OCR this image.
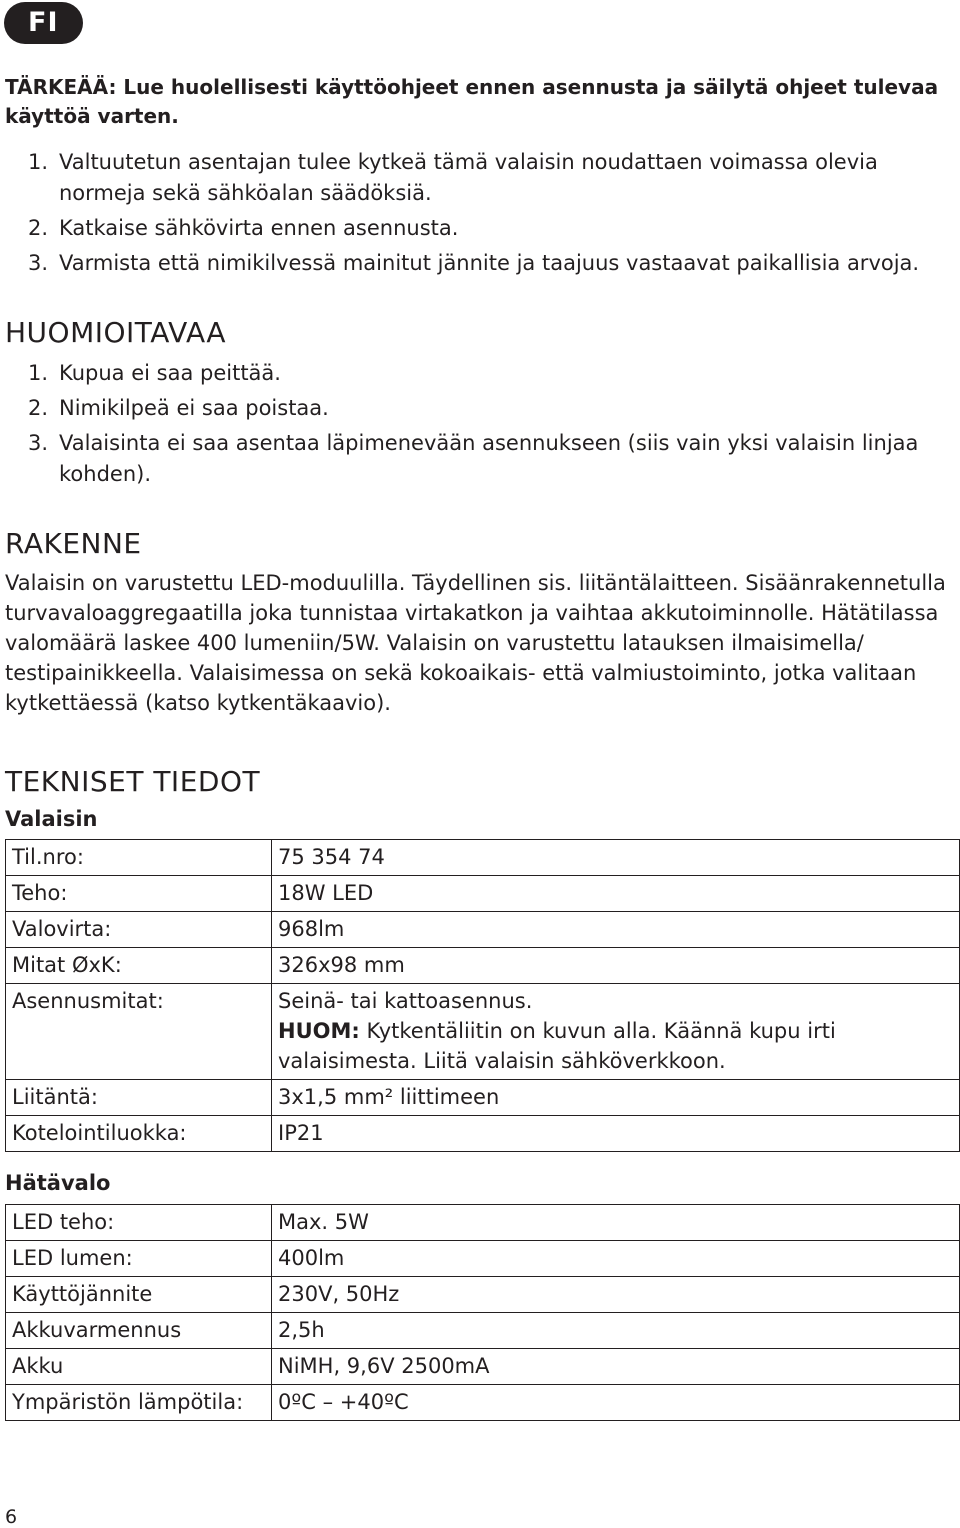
FI

TÄRKEÄÄ: Lue huolellisesti käyttöohjeet ennen asennusta ja säilytä ohjeet tulevaa käyttöä varten.

1. Valtuutetun asentajan tulee kytkeä tämä valaisin noudattaen voimassa olevia normeja sekä sähköalan säädöksiä.
2. Katkaise sähkövirta ennen asennusta.
3. Varmista että nimikilvessä mainitut jännite ja taajuus vastaavat paikallisia arvoja.
HUOMIOITAVAA
1. Kupua ei saa peittää.
2. Nimikilpeä ei saa poistaa.
3. Valaisinta ei saa asentaa läpimenevään asennukseen (siis vain yksi valaisin linjaa kohden).
RAKENNE

Valaisin on varustettu LED-moduulilla. Täydellinen sis. liitäntälaitteen. Sisäänrakennetulla turvavaloaggregaatilla joka tunnistaa virtakatkon ja vaihtaa akkutoiminnolle. Hätätilassa valomäärä laskee 400 lumeniin/5W. Valaisin on varustettu latauksen ilmaisimella/ testipainikkeella. Valaisimessa on sekä kokoaikais- että valmiustoiminto, jotka valitaan kytkettäessä (katso kytkentäkaavio).

TEKNISET TIEDOT
Valaisin
Til.nro:	75 354 74
Teho:	18W LED
Valovirta:	968lm
Mitat ØxK:	326x98 mm
Asennusmitat:	Seinä- tai kattoasennus.
HUOM: Kytkentäliitin on kuvun alla. Käännä kupu irti valaisimesta. Liitä valaisin sähköverkkoon.

Liitäntä:	3x1,5 mm² liittimeen
Kotelointiluokka:	IP21
Hätävalo
LED teho:	Max. 5W
LED lumen:	400lm
Käyttöjännite	230V, 50Hz
Akkuvarmennus	2,5h
Akku	NiMH, 9,6V 2500mA
Ympäristön lämpötila:	0ºC – +40ºC
6
